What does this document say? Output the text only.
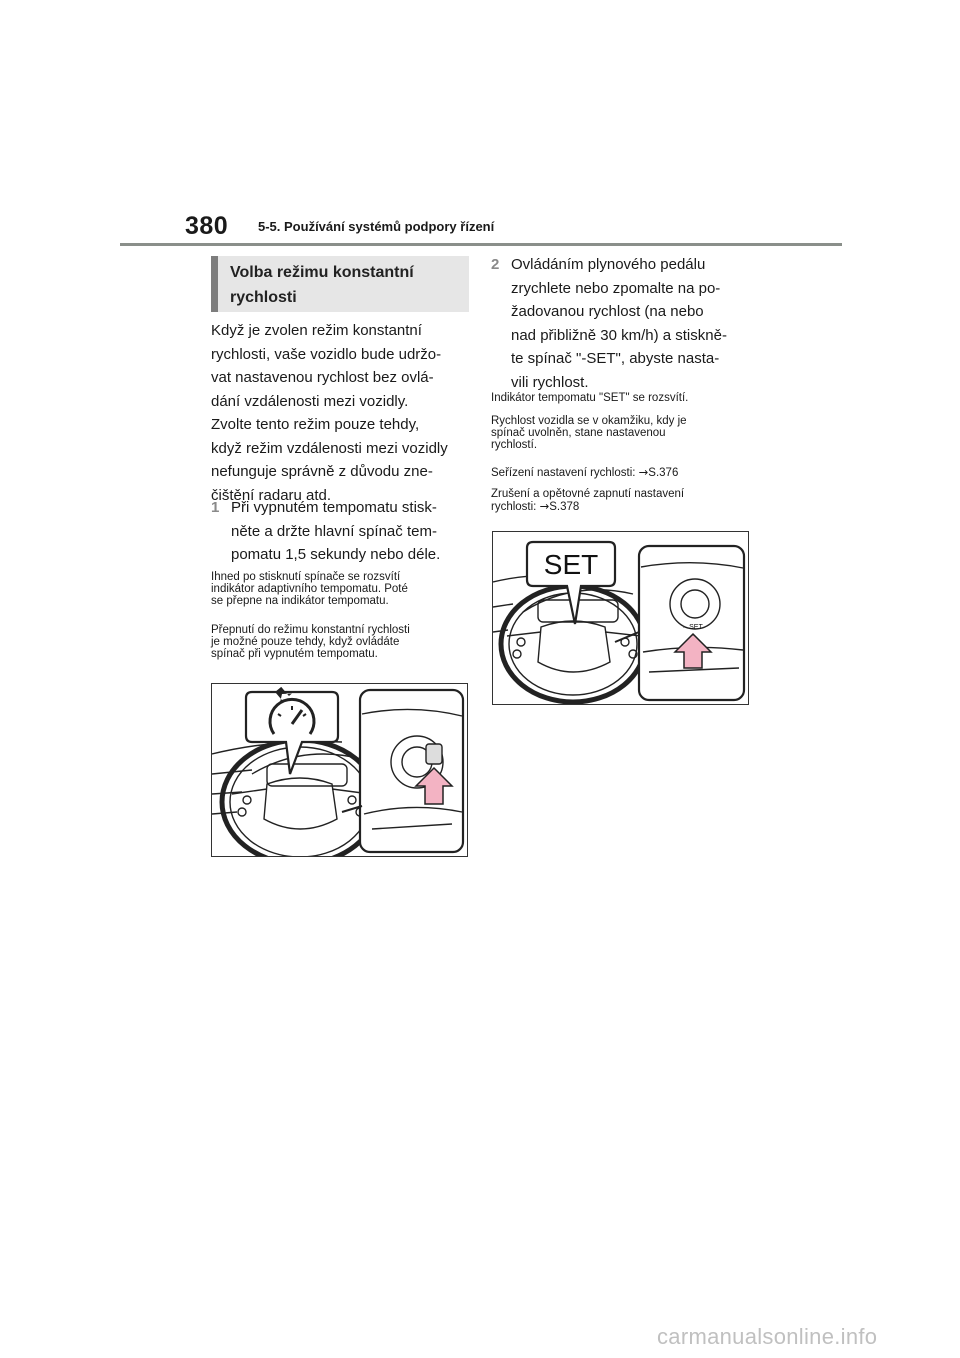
380 5-5. Používání systémů podpory řízení
Volba režimu konstantní
rychlosti
Když je zvolen režim konstantní
rychlosti, vaše vozidlo bude udržo-
vat nastavenou rychlost bez ovlá-
dání vzdálenosti mezi vozidly.
Zvolte tento režim pouze tehdy,
když režim vzdálenosti mezi vozidly
nefunguje správně z důvodu zne-
čištění radaru atd.
1 Při vypnutém tempomatu stisk-
něte a držte hlavní spínač tem-
pomatu 1,5 sekundy nebo déle.
Ihned po stisknutí spínače se rozsvítí
indikátor adaptivního tempomatu. Poté
se přepne na indikátor tempomatu.
Přepnutí do režimu konstantní rychlosti
je možné pouze tehdy, když ovládáte
spínač při vypnutém tempomatu.
2 Ovládáním plynového pedálu
zrychlete nebo zpomalte na po-
žadovanou rychlost (na nebo
nad přibližně 30 km/h) a stiskně-
te spínač "-SET", abyste nasta-
vili rychlost.
Indikátor tempomatu "SET" se rozsvítí.
Rychlost vozidla se v okamžiku, kdy je
spínač uvolněn, stane nastavenou
rychlostí.
Seřízení nastavení rychlosti: →S.376
Zrušení a opětovné zapnutí nastavení
rychlosti: →S.378
SET
– SET
carmanualsonline.info
